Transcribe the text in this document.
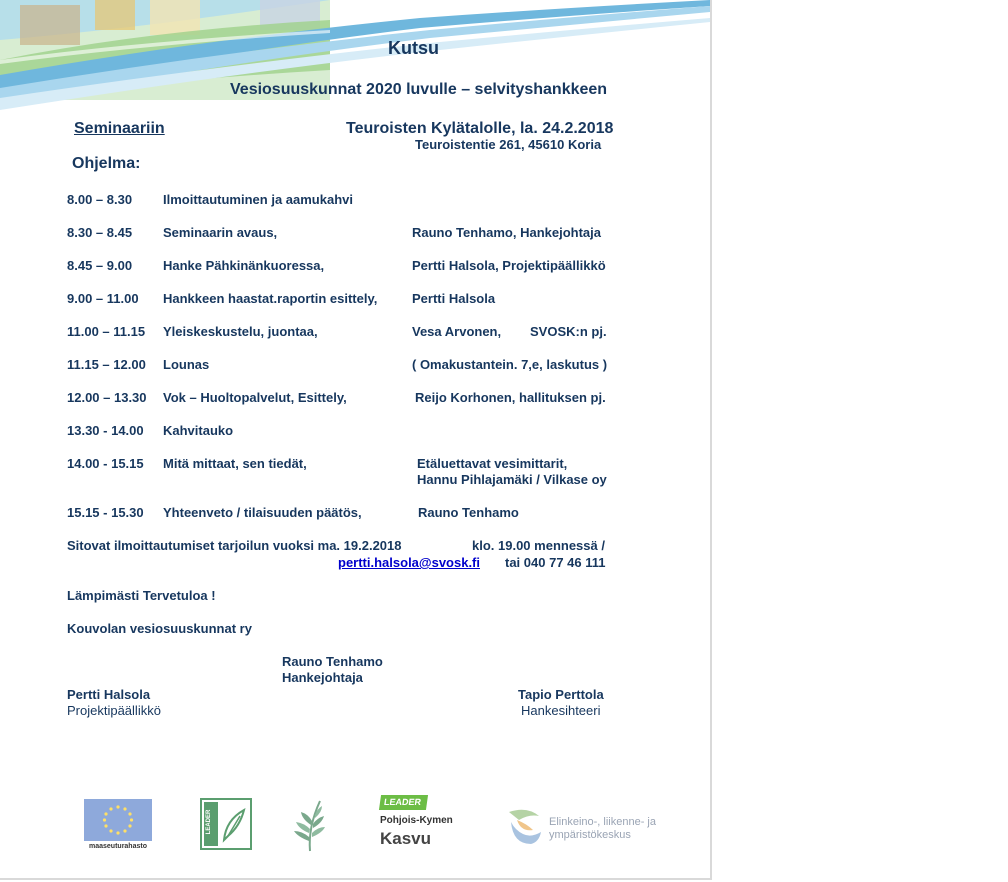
Kutsu
Vesiosuuskunnat 2020 luvulle – selvityshankkeen
Seminaariin	Teuroisten Kylätalolle, la. 24.2.2018
Teuroistentie 261, 45610 Koria
Ohjelma:
8.00 – 8.30 Ilmoittautuminen ja aamukahvi
8.30 – 8.45 Seminaarin avaus,	Rauno Tenhamo, Hankejohtaja
8.45 – 9.00 Hanke Pähkinänkuoressa,	Pertti Halsola, Projektipäällikkö
9.00 – 11.00 Hankkeen haastat.raportin esittely,	Pertti Halsola
11.00 – 11.15 Yleiskeskustelu, juontaa,	Vesa Arvonen,        SVOSK:n pj.
11.15 – 12.00 Lounas	( Omakustantein. 7,e, laskutus )
12.00 – 13.30 Vok – Huoltopalvelut, Esittely,	Reijo Korhonen, hallituksen pj.
13.30 - 14.00 Kahvitauko
14.00 - 15.15 Mitä mittaat, sen tiedät,	Etäluettavat vesimittarit,
Hannu Pihlajamäki / Vilkase oy
15.15 - 15.30 Yhteenveto / tilaisuuden päätös,	Rauno Tenhamo
Sitovat ilmoittautumiset tarjoilun vuoksi ma. 19.2.2018	klo. 19.00 mennessä /
pertti.halsola@svosk.fi tai 040 77 46 111
Lämpimästi Tervetuloa !
Kouvolan vesiosuuskunnat ry
Rauno Tenhamo
Hankejohtaja
Pertti Halsola
Projektipäällikkö
Tapio Perttola
Hankesihteeri
maaseuturahasto
LEADER
LEADER
Pohjois-Kymen
Kasvu
Elinkeino-, liikenne- ja
ympäristökeskus
